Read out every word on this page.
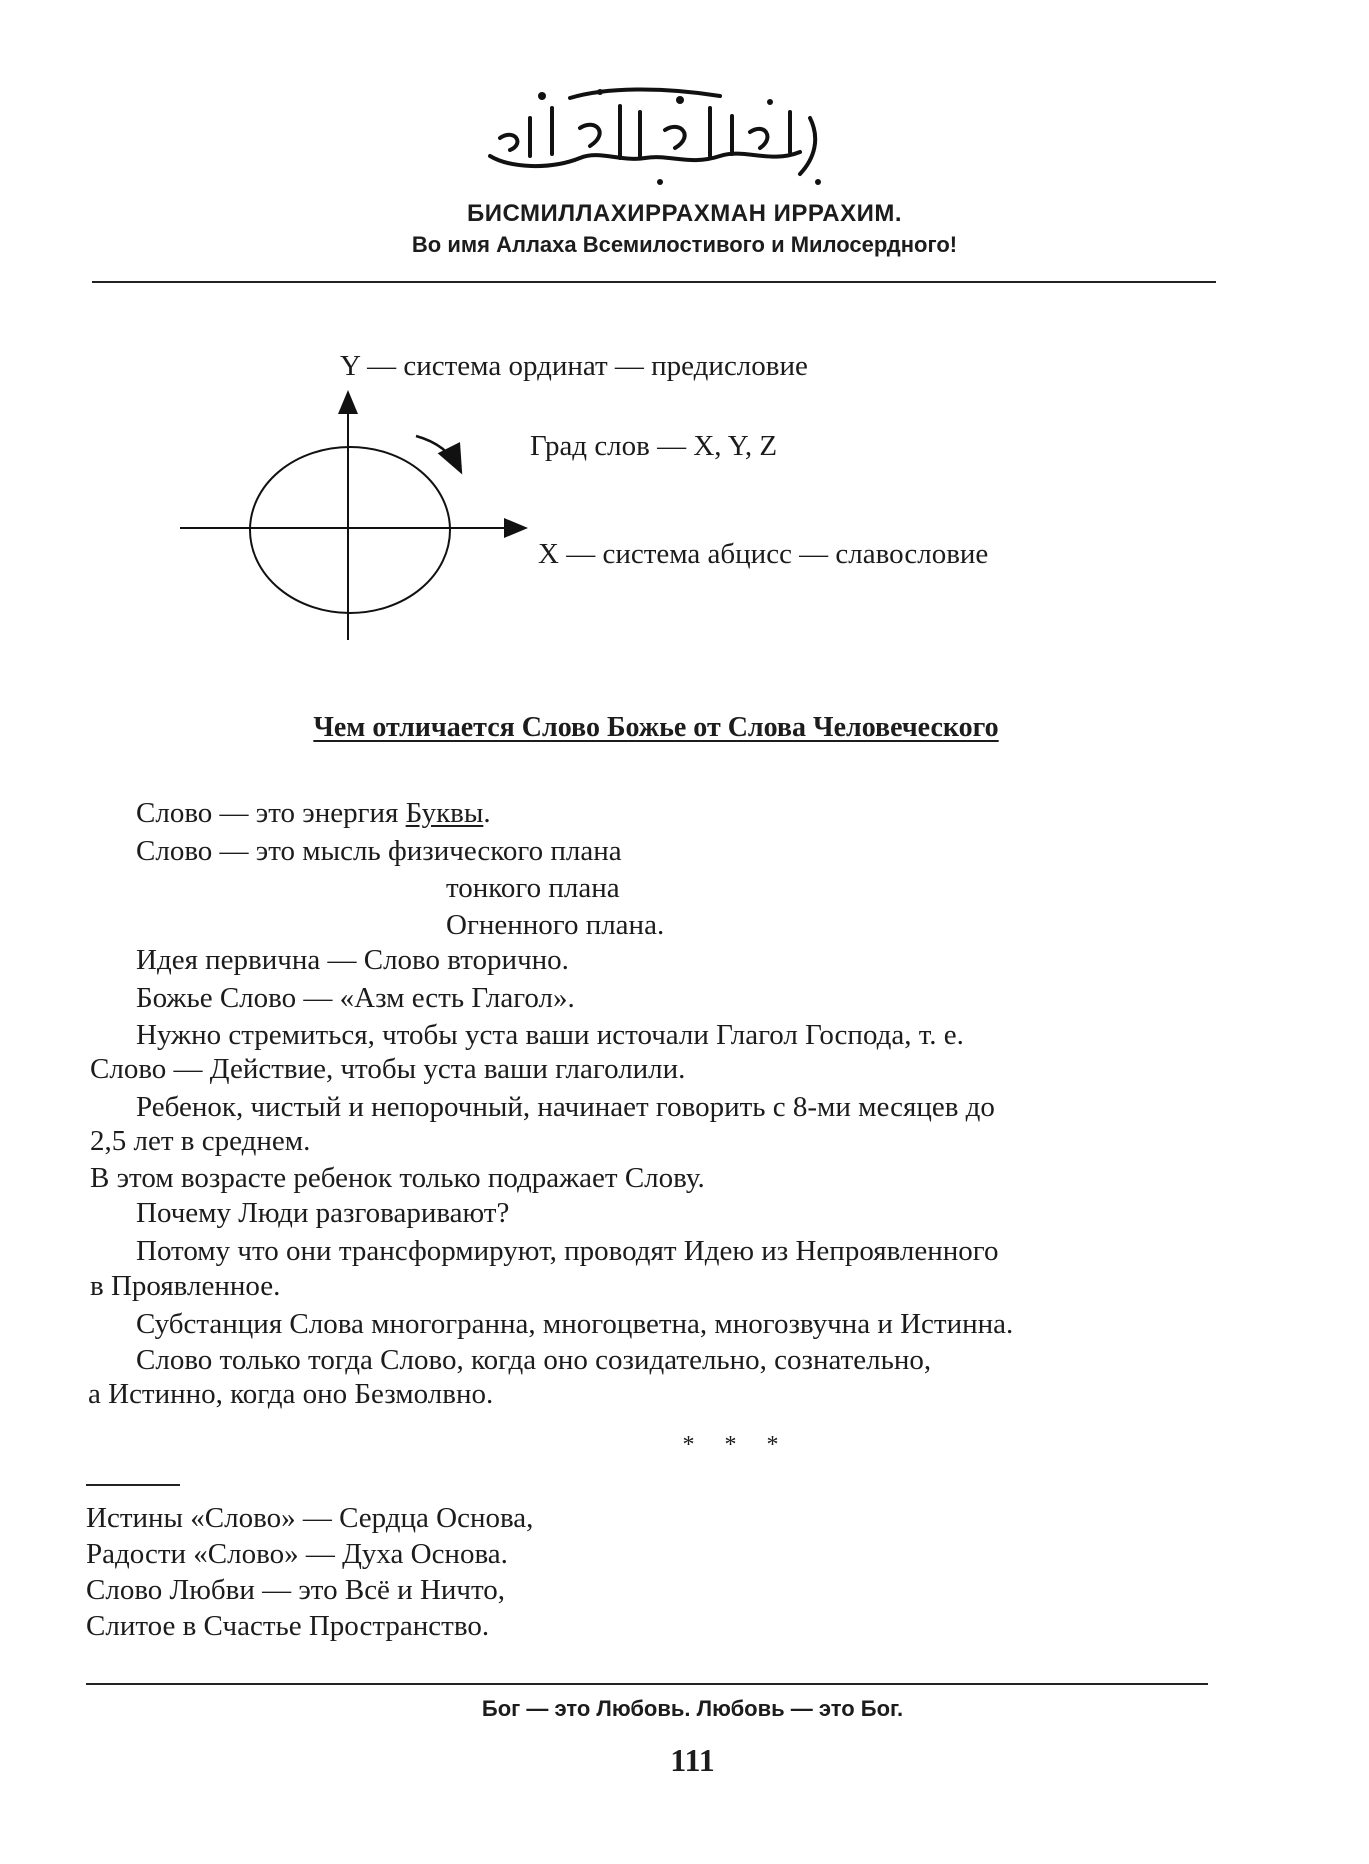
БИСМИЛЛАХИРРАХМАН ИРРАХИМ.
Во имя Аллаха Всемилостивого и Милосердного!
Y — система ординат — предисловие
Град слов — X, Y, Z
X — система абцисс — славословие
Чем отличается Слово Божье от Слова Человеческого
Слово — это энергия Буквы.
Слово — это мысль физического плана
тонкого плана
Огненного плана.
Идея первична — Слово вторично.
Божье Слово — «Азм есть Глагол».
Нужно стремиться, чтобы уста ваши источали Глагол Господа, т. е.
Слово — Действие, чтобы уста ваши глаголили.
Ребенок, чистый и непорочный, начинает говорить с 8-ми месяцев до
2,5 лет в среднем.
В этом возрасте ребенок только подражает Слову.
Почему Люди разговаривают?
Потому что они трансформируют, проводят Идею из Непроявленного
в Проявленное.
Субстанция Слова многогранна, многоцветна, многозвучна и Истинна.
Слово только тогда Слово, когда оно созидательно, сознательно,
а Истинно, когда оно Безмолвно.
* * *
Истины «Слово» — Сердца Основа,
Радости «Слово» — Духа Основа.
Слово Любви — это Всё и Ничто,
Слитое в Счастье Пространство.
Бог — это Любовь. Любовь — это Бог.
111
